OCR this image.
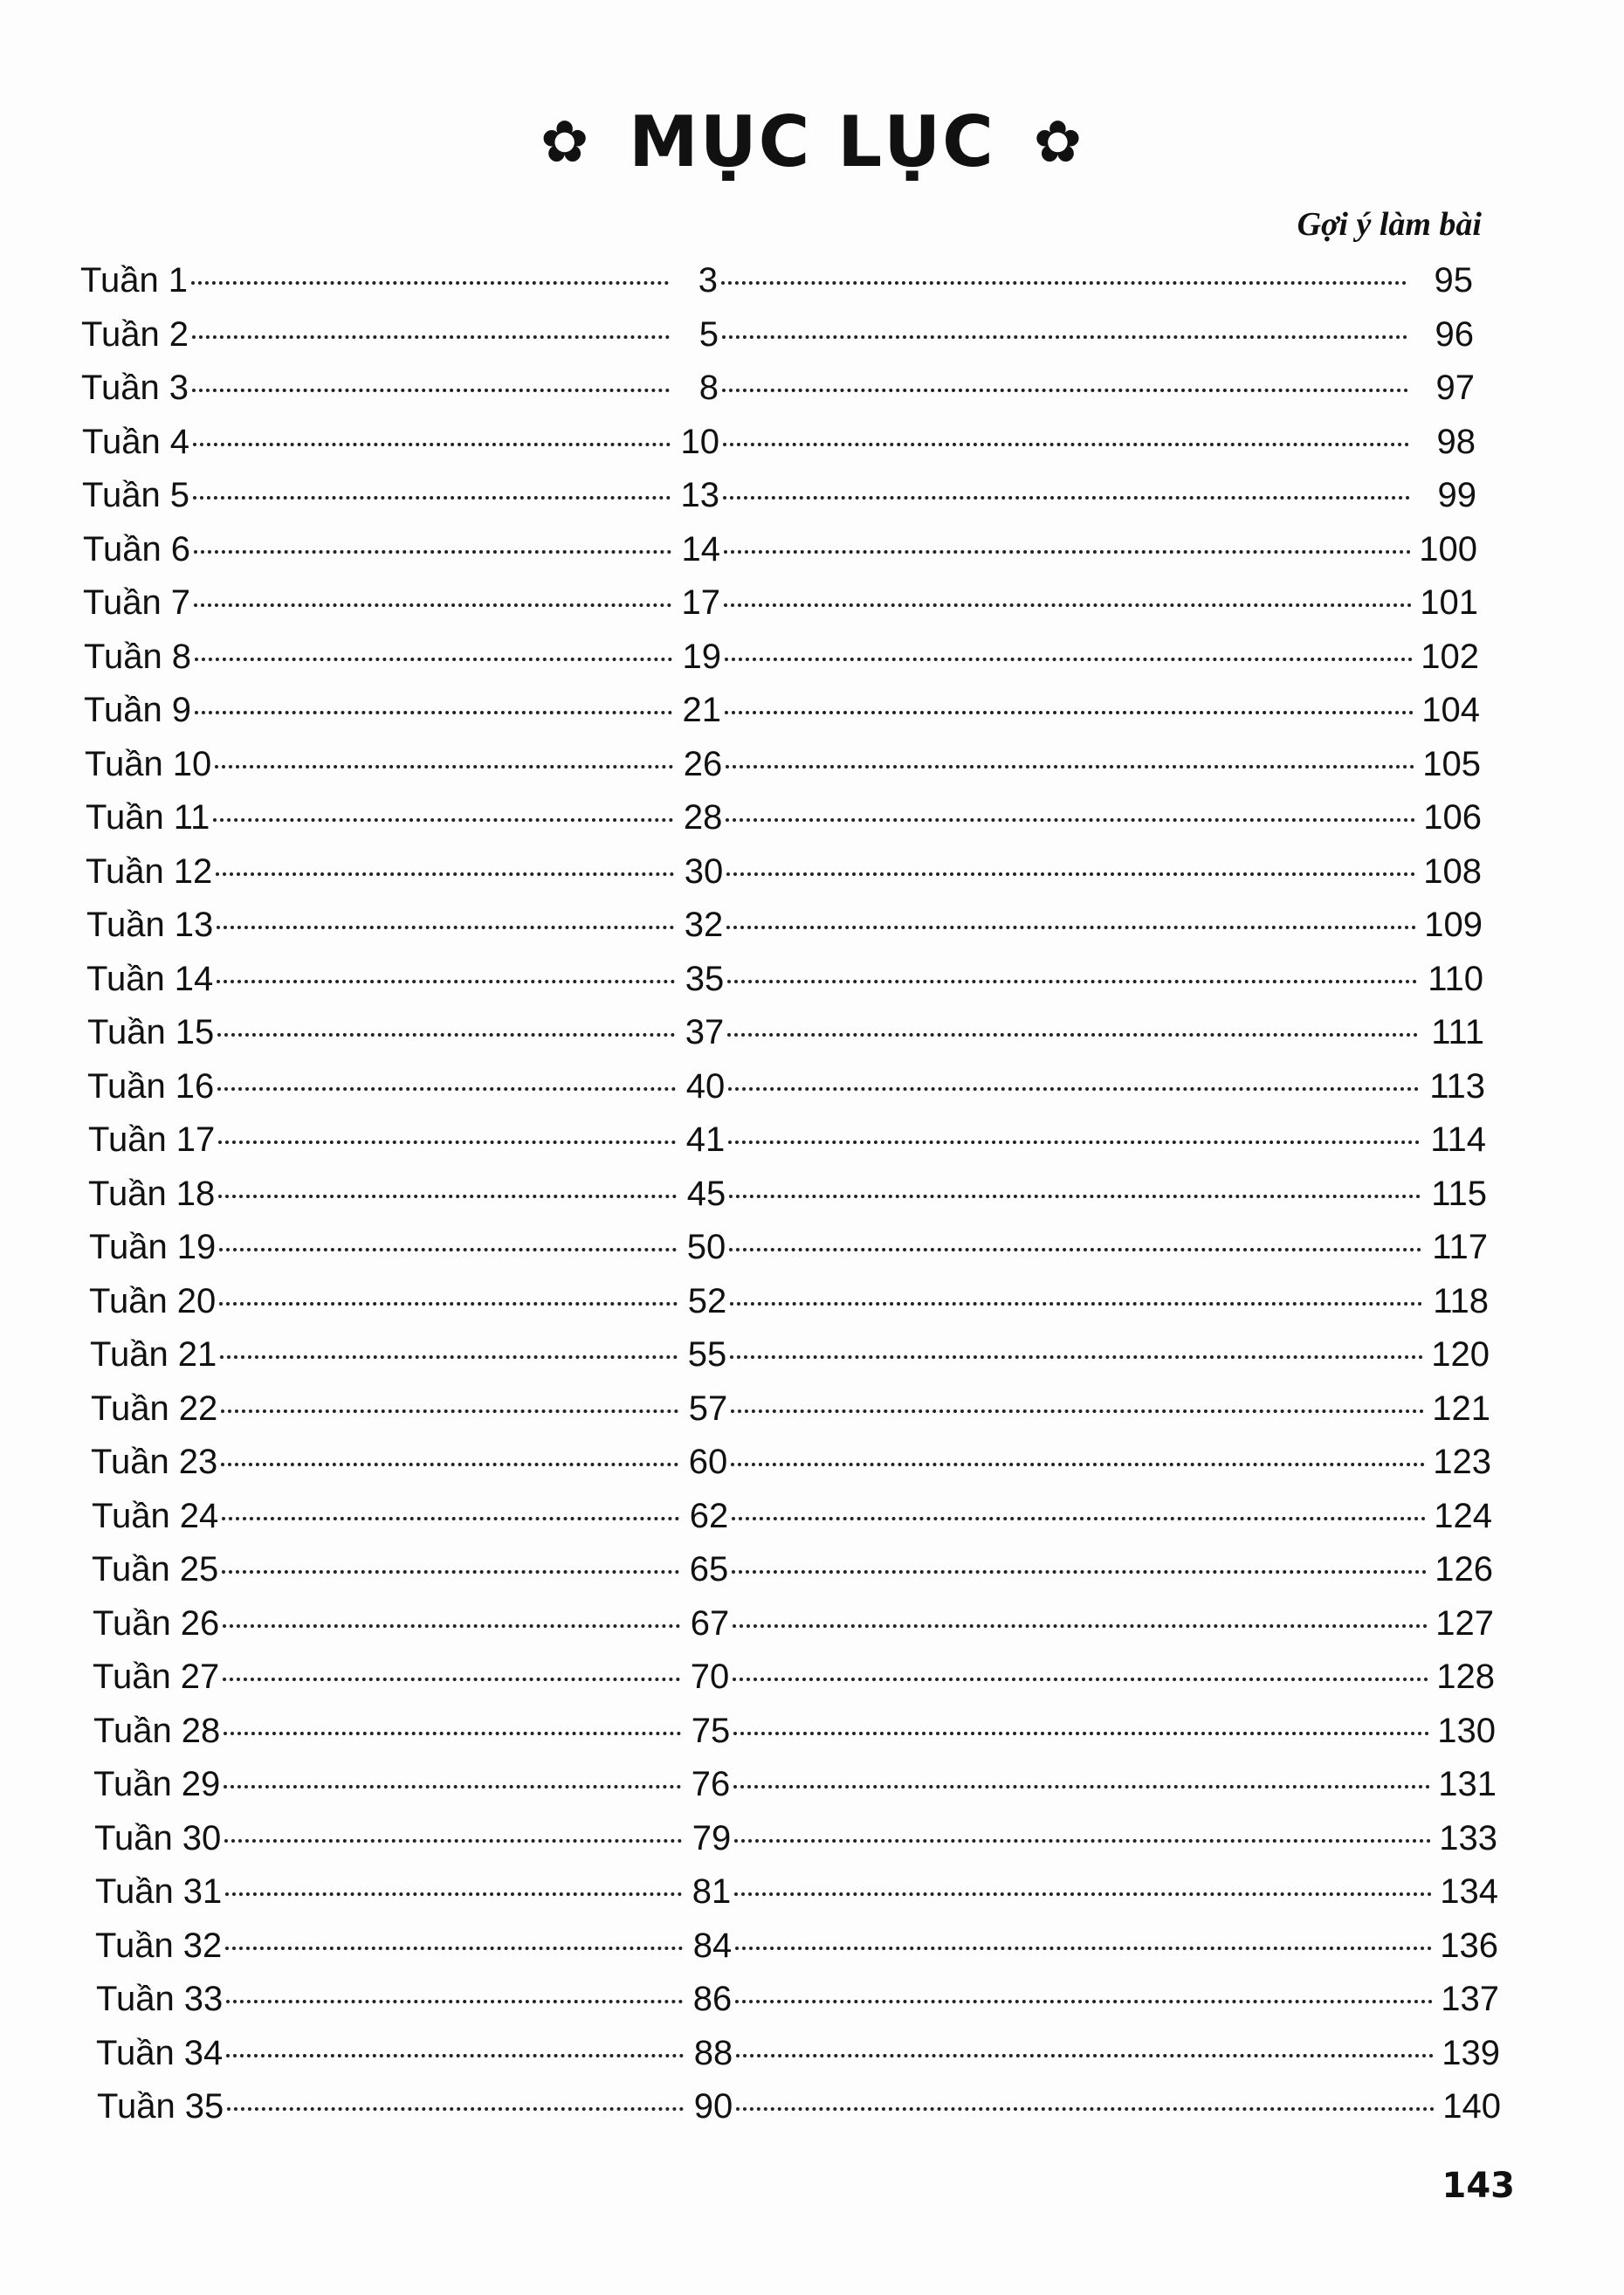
✿ MỤC LỤC ✿
Gợi ý làm bài
Tuần 1	3	95
Tuần 2	5	96
Tuần 3	8	97
Tuần 4	10	98
Tuần 5	13	99
Tuần 6	14	100
Tuần 7	17	101
Tuần 8	19	102
Tuần 9	21	104
Tuần 10	26	105
Tuần 11	28	106
Tuần 12	30	108
Tuần 13	32	109
Tuần 14	35	110
Tuần 15	37	111
Tuần 16	40	113
Tuần 17	41	114
Tuần 18	45	115
Tuần 19	50	117
Tuần 20	52	118
Tuần 21	55	120
Tuần 22	57	121
Tuần 23	60	123
Tuần 24	62	124
Tuần 25	65	126
Tuần 26	67	127
Tuần 27	70	128
Tuần 28	75	130
Tuần 29	76	131
Tuần 30	79	133
Tuần 31	81	134
Tuần 32	84	136
Tuần 33	86	137
Tuần 34	88	139
Tuần 35	90	140
143
